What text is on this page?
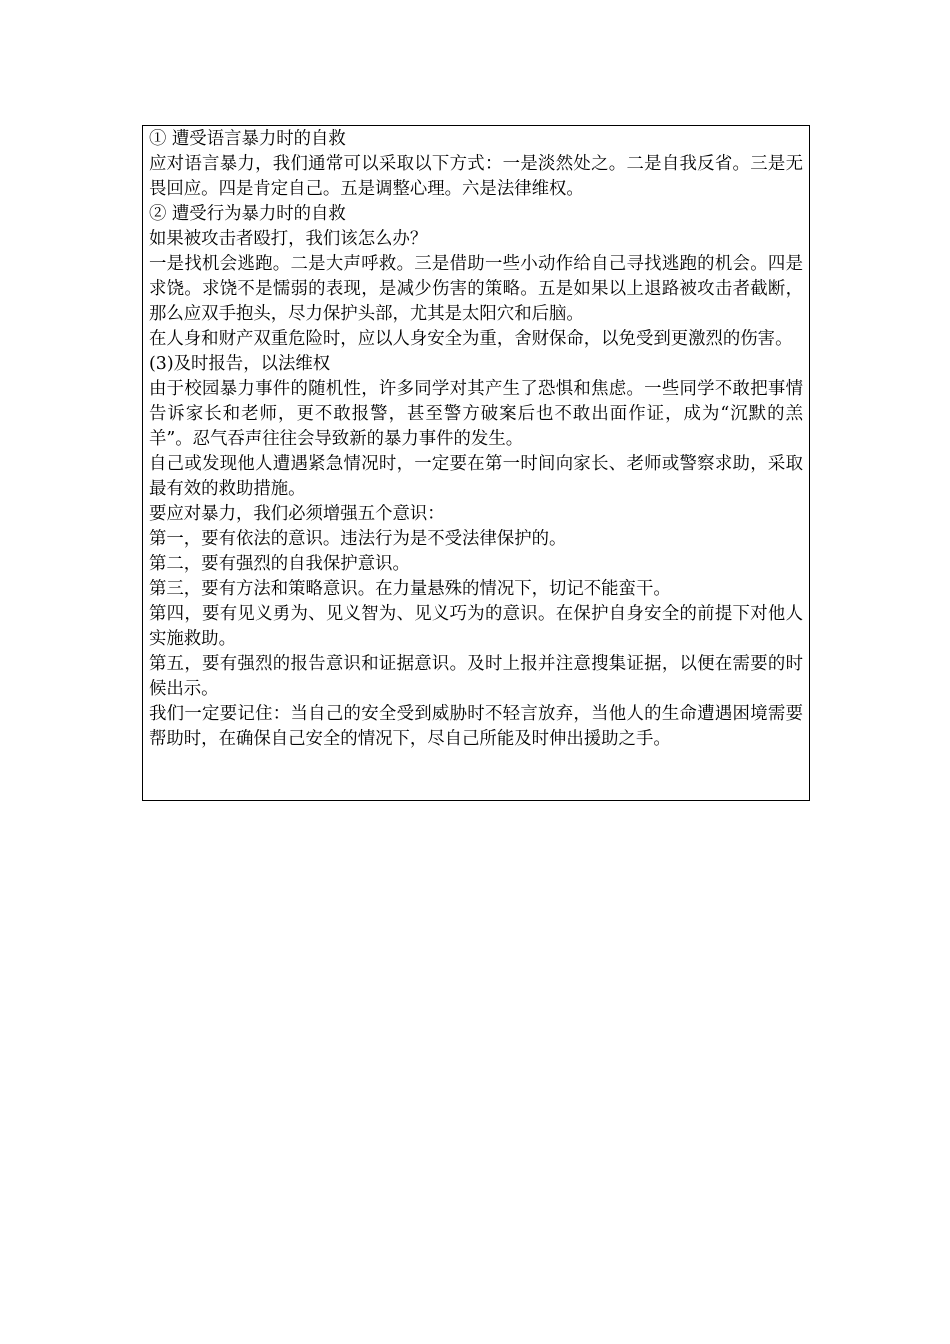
① 遭受语言暴力时的自救

应对语言暴力，我们通常可以采取以下方式：一是淡然处之。二是自我反省。三是无畏回应。四是肯定自己。五是调整心理。六是法律维权。

② 遭受行为暴力时的自救

如果被攻击者殴打，我们该怎么办？

一是找机会逃跑。二是大声呼救。三是借助一些小动作给自己寻找逃跑的机会。四是求饶。求饶不是懦弱的表现，是减少伤害的策略。五是如果以上退路被攻击者截断，那么应双手抱头，尽力保护头部，尤其是太阳穴和后脑。

在人身和财产双重危险时，应以人身安全为重，舍财保命，以免受到更激烈的伤害。

(3)及时报告，以法维权

由于校园暴力事件的随机性，许多同学对其产生了恐惧和焦虑。一些同学不敢把事情告诉家长和老师，更不敢报警，甚至警方破案后也不敢出面作证，成为“沉默的羔羊”。忍气吞声往往会导致新的暴力事件的发生。

自己或发现他人遭遇紧急情况时，一定要在第一时间向家长、老师或警察求助，采取最有效的救助措施。

要应对暴力，我们必须增强五个意识：

第一，要有依法的意识。违法行为是不受法律保护的。

第二，要有强烈的自我保护意识。

第三，要有方法和策略意识。在力量悬殊的情况下，切记不能蛮干。

第四，要有见义勇为、见义智为、见义巧为的意识。在保护自身安全的前提下对他人实施救助。

第五，要有强烈的报告意识和证据意识。及时上报并注意搜集证据，以便在需要的时候出示。

我们一定要记住：当自己的安全受到威胁时不轻言放弃，当他人的生命遭遇困境需要帮助时，在确保自己安全的情况下，尽自己所能及时伸出援助之手。
